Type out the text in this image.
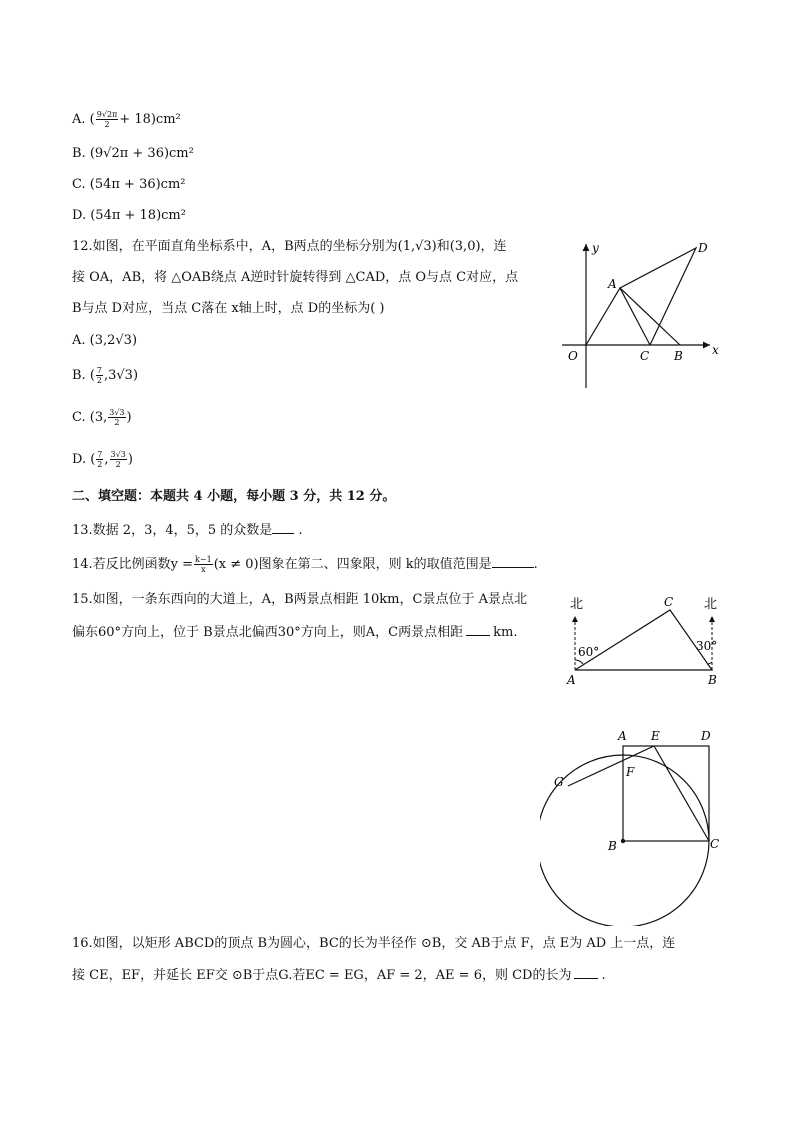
A. ( $\frac{9√2\pi}{2} + 18)cm^2$
B. (9√2π + 36)cm²
C. (54π + 36)cm²
D. (54π + 18)cm²
12.如图，在平面直角坐标系中，A，B两点的坐标分别为(1,√3)和(3,0)，连
接 OA，AB，将 △OAB绕点 A逆时针旋转得到 △CAD，点 O与点 C对应，点
B与点 D对应，当点 C落在 x轴上时，点 D的坐标为( )
A. (3,2√3)
B. ( $\frac{7}{2} ,3√3$)
C. (3, $\frac{3√3}{2}$ )
D. ( $\frac{7}{2}$ , $\frac{3√3}{2}$ )
y
x
O
A
C B
D
二、填空题：本题共 4 小题，每小题 3 分，共 12 分。
13.数据 2，3，4，5，5 的众数是 .
14.若反比例函数$y = \frac{k-1}{x} (x \ne 0)$图象在第二、四象限，则 k的取值范围是	.
15.如图，一条东西向的大道上，A，B两景点相距 10km，C景点位于 A景点北
偏东60°方向上，位于 B景点北偏西30°方向上，则A，C两景点相距 km.
北	北
60°	30°
A	B
C
A E	D
G
F
B	C
16.如图，以矩形 ABCD的顶点 B为圆心，BC的长为半径作 ⊙B，交 AB于点 F，点 E为 AD 上一点，连
接 CE，EF，并延长 EF交 ⊙B于点G.若EC = EG，AF = 2，AE = 6，则 CD的长为 .
